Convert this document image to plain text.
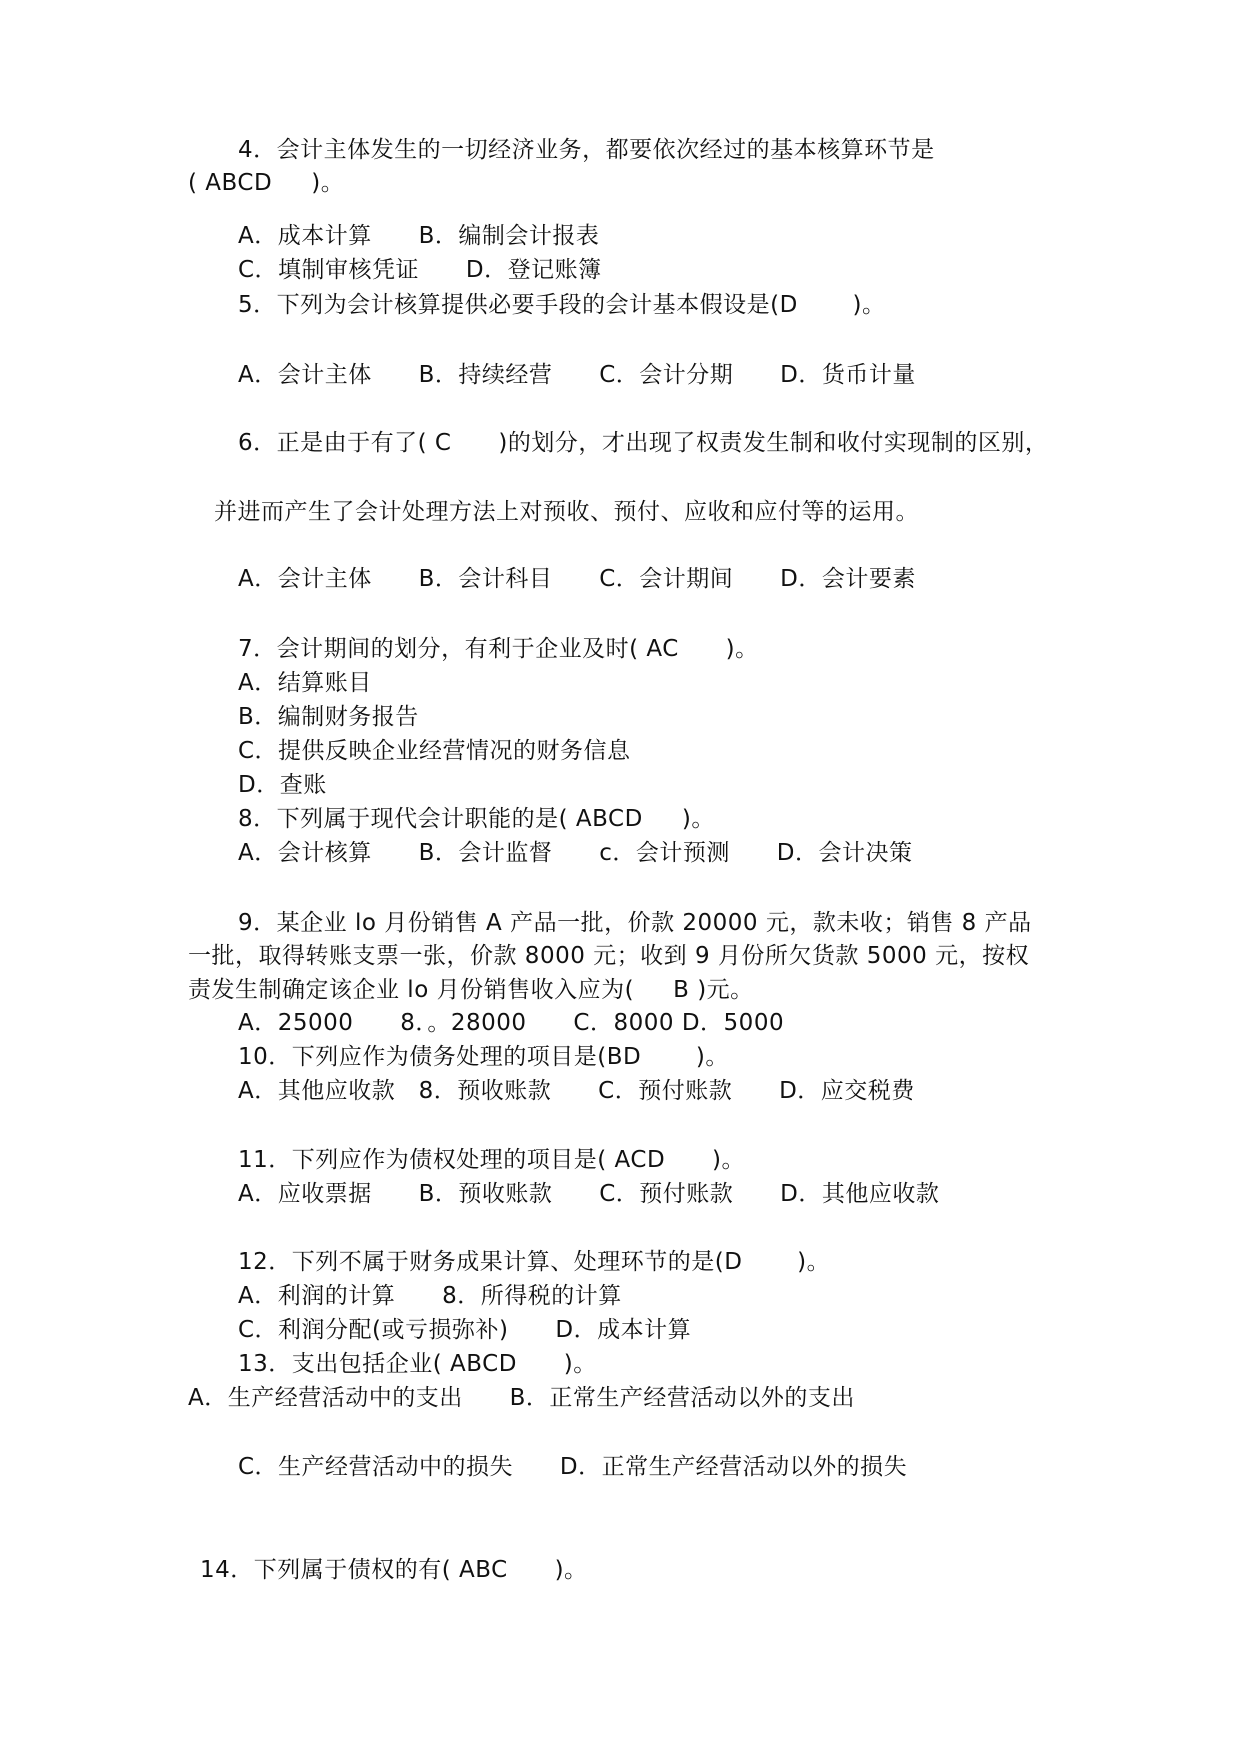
4．会计主体发生的一切经济业务，都要依次经过的基本核算环节是
( ABCD     )。
A．成本计算      B．编制会计报表
C．填制审核凭证      D．登记账簿
5．下列为会计核算提供必要手段的会计基本假设是(D       )。
A．会计主体      B．持续经营      C．会计分期      D．货币计量
6．正是由于有了( C      )的划分，才出现了权责发生制和收付实现制的区别，
并进而产生了会计处理方法上对预收、预付、应收和应付等的运用。
A．会计主体      B．会计科目      C．会计期间      D．会计要素
7．会计期间的划分，有利于企业及时( AC      )。
A．结算账目
B．编制财务报告
C．提供反映企业经营情况的财务信息
D．查账
8．下列属于现代会计职能的是( ABCD     )。
A．会计核算      B．会计监督      c．会计预测      D．会计决策
9．某企业 lo 月份销售 A 产品一批，价款 20000 元，款未收；销售 8 产品
一批，取得转账支票一张，价款 8000 元；收到 9 月份所欠货款 5000 元，按权
责发生制确定该企业 lo 月份销售收入应为(     B )元。
A．25000      8．。28000      C．8000 D．5000
10．下列应作为债务处理的项目是(BD       )。
A．其他应收款   8．预收账款      C．预付账款      D．应交税费
11．下列应作为债权处理的项目是( ACD      )。
A．应收票据      B．预收账款      C．预付账款      D．其他应收款
12．下列不属于财务成果计算、处理环节的是(D       )。
A．利润的计算      8．所得税的计算
C．利润分配(或亏损弥补)      D．成本计算
13．支出包括企业( ABCD      )。
A．生产经营活动中的支出      B．正常生产经营活动以外的支出
C．生产经营活动中的损失      D．正常生产经营活动以外的损失
14．下列属于债权的有( ABC      )。
